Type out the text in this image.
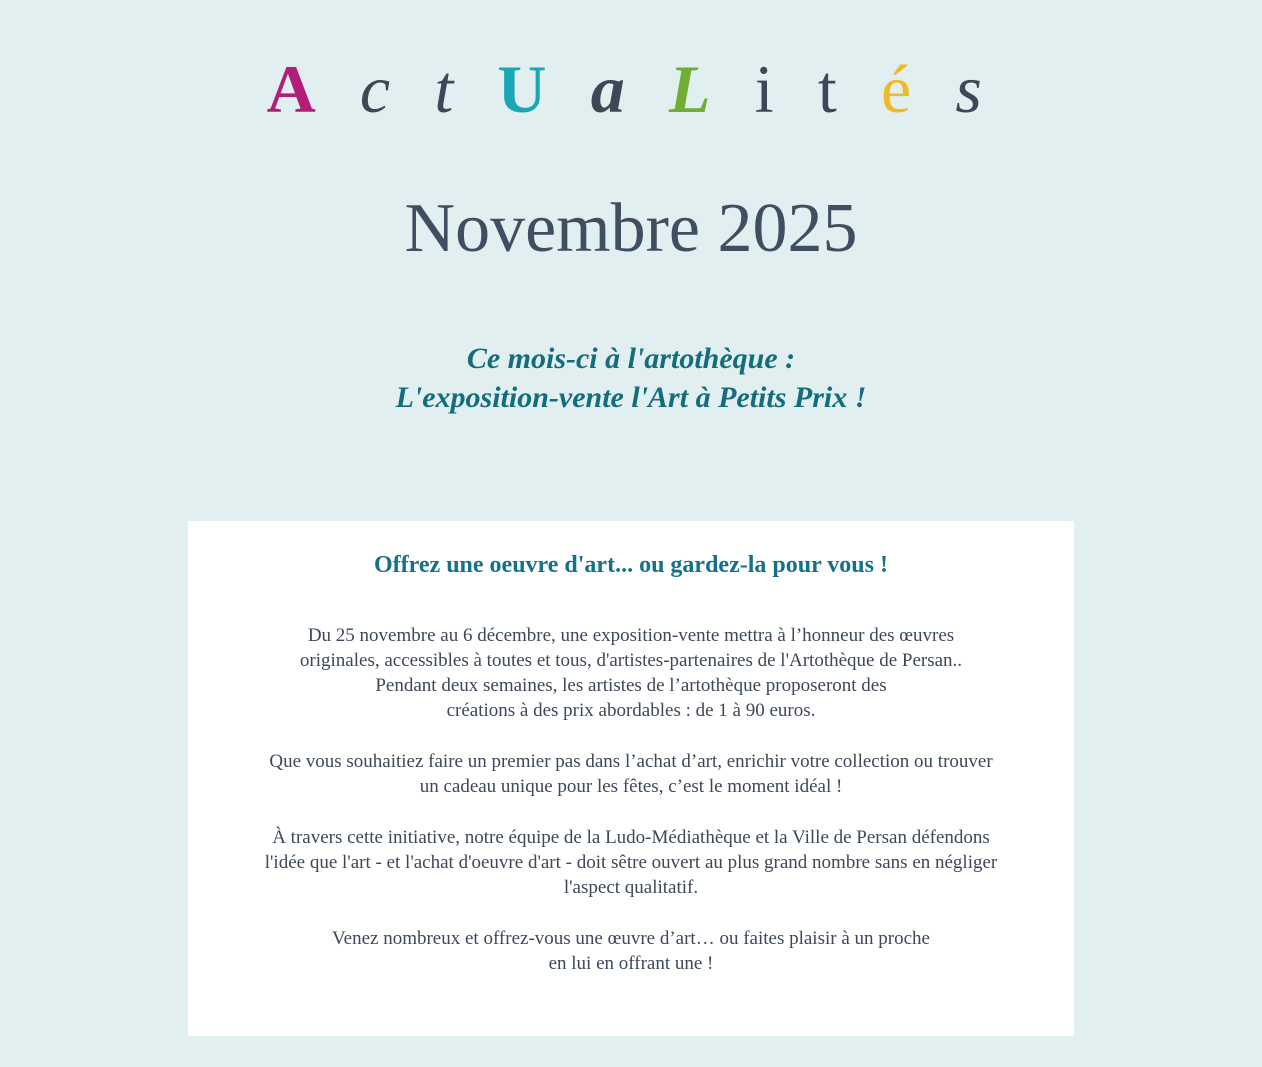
A c t U a L i t é s
Novembre 2025
Ce mois-ci à l'artothèque :
L'exposition-vente l'Art à Petits Prix !
Offrez une oeuvre d'art... ou gardez-la pour vous !
Du 25 novembre au 6 décembre, une exposition-vente mettra à l’honneur des œuvres
originales, accessibles à toutes et tous, d'artistes-partenaires de l'Artothèque de Persan..
Pendant deux semaines, les artistes de l’artothèque proposeront des
créations à des prix abordables : de 1 à 90 euros.
Que vous souhaitiez faire un premier pas dans l’achat d’art, enrichir votre collection ou trouver
un cadeau unique pour les fêtes, c’est le moment idéal !
À travers cette initiative, notre équipe de la Ludo-Médiathèque et la Ville de Persan défendons
l'idée que l'art - et l'achat d'oeuvre d'art - doit sêtre ouvert au plus grand nombre sans en négliger
l'aspect qualitatif.
Venez nombreux et offrez-vous une œuvre d’art… ou faites plaisir à un proche
en lui en offrant une !
